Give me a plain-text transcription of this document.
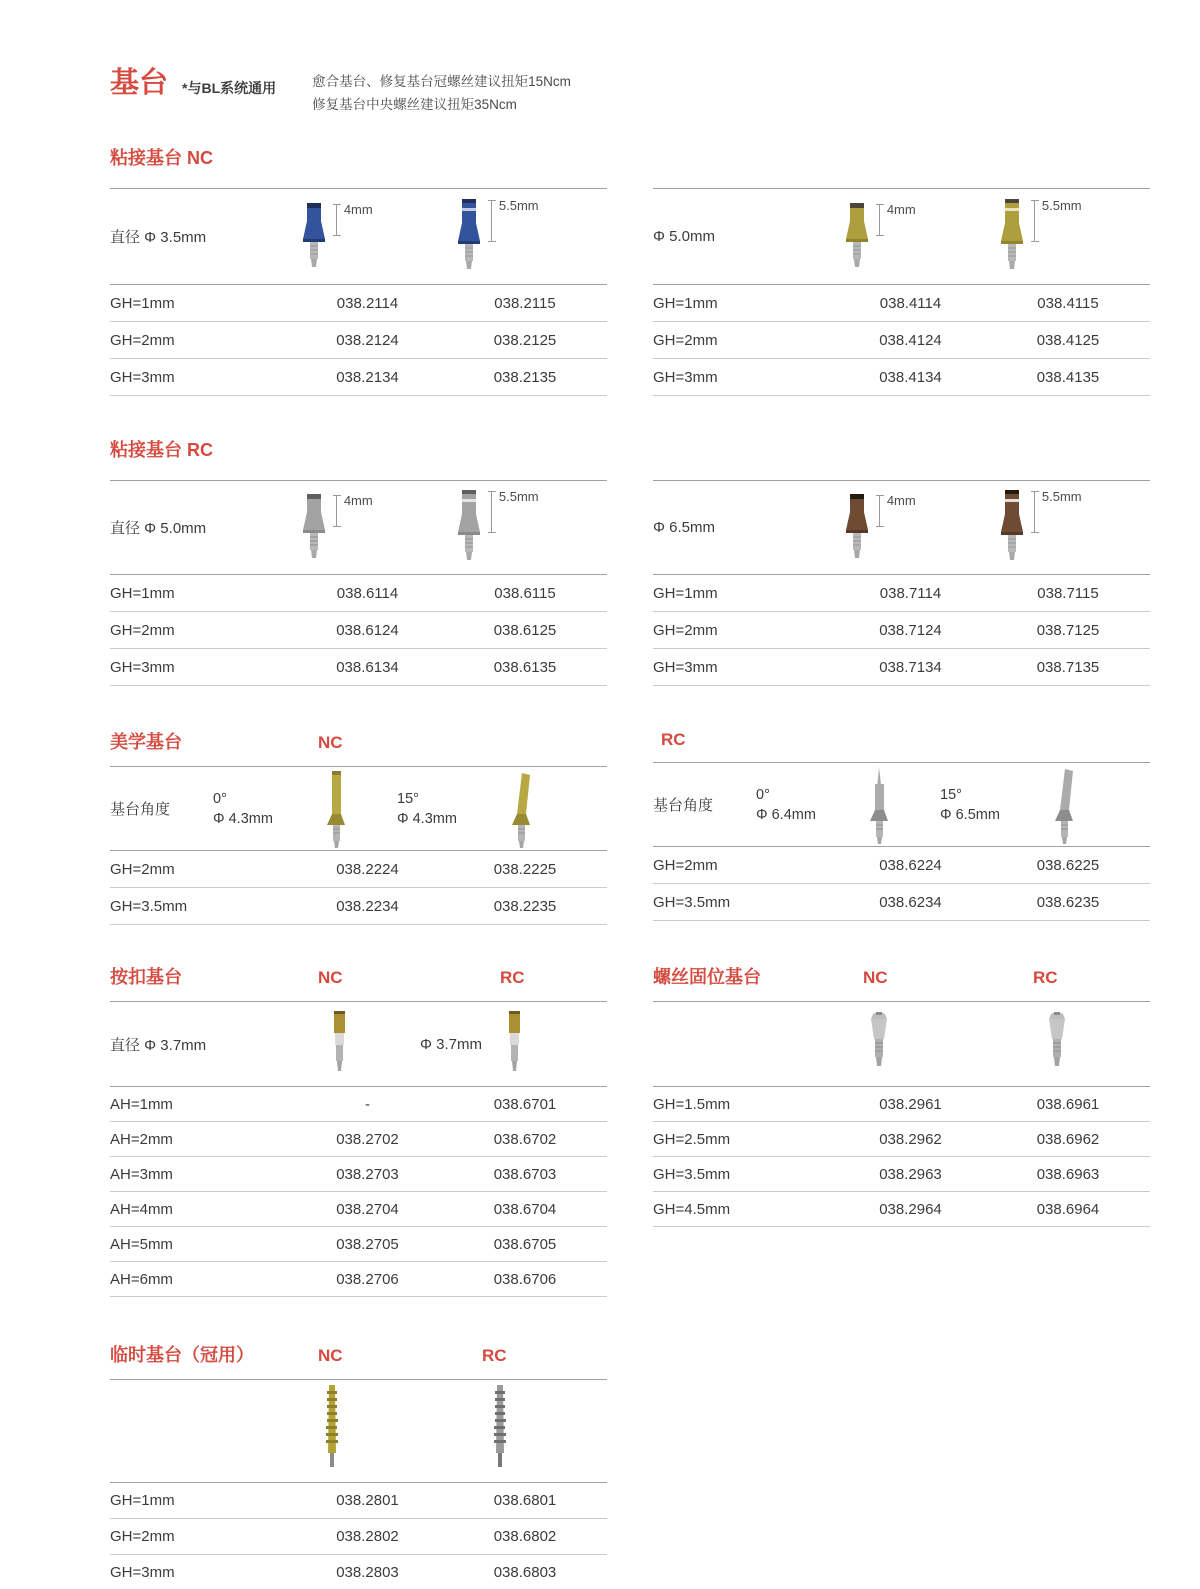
基台 *与BL系统通用	愈合基台、修复基台冠螺丝建议扭矩15Ncm
修复基台中央螺丝建议扭矩35Ncm
粘接基台 NC
直径 Φ 3.5mm
4mm	5.5mm
GH=1mm	038.2114	038.2115
GH=2mm	038.2124	038.2125
GH=3mm	038.2134	038.2135
Φ 5.0mm
4mm	5.5mm
GH=1mm	038.4114	038.4115
GH=2mm	038.4124	038.4125
GH=3mm	038.4134	038.4135
粘接基台 RC
直径 Φ 5.0mm
4mm	5.5mm
GH=1mm	038.6114	038.6115
GH=2mm	038.6124	038.6125
GH=3mm	038.6134	038.6135
Φ 6.5mm
4mm	5.5mm
GH=1mm	038.7114	038.7115
GH=2mm	038.7124	038.7125
GH=3mm	038.7134	038.7135
美学基台	NC
基台角度
0°
Φ 4.3mm
15°
Φ 4.3mm
GH=2mm	038.2224	038.2225
GH=3.5mm	038.2234	038.2235
RC
基台角度
0°
Φ 6.4mm
15°
Φ 6.5mm
GH=2mm	038.6224	038.6225
GH=3.5mm	038.6234	038.6235
按扣基台	NC	RC
直径 Φ 3.7mm	Φ 3.7mm
AH=1mm	-	038.6701
AH=2mm	038.2702	038.6702
AH=3mm	038.2703	038.6703
AH=4mm	038.2704	038.6704
AH=5mm	038.2705	038.6705
AH=6mm	038.2706	038.6706
螺丝固位基台	NC	RC
GH=1.5mm	038.2961	038.6961
GH=2.5mm	038.2962	038.6962
GH=3.5mm	038.2963	038.6963
GH=4.5mm	038.2964	038.6964
临时基台（冠用）	NC	RC
GH=1mm	038.2801	038.6801
GH=2mm	038.2802	038.6802
GH=3mm	038.2803	038.6803
